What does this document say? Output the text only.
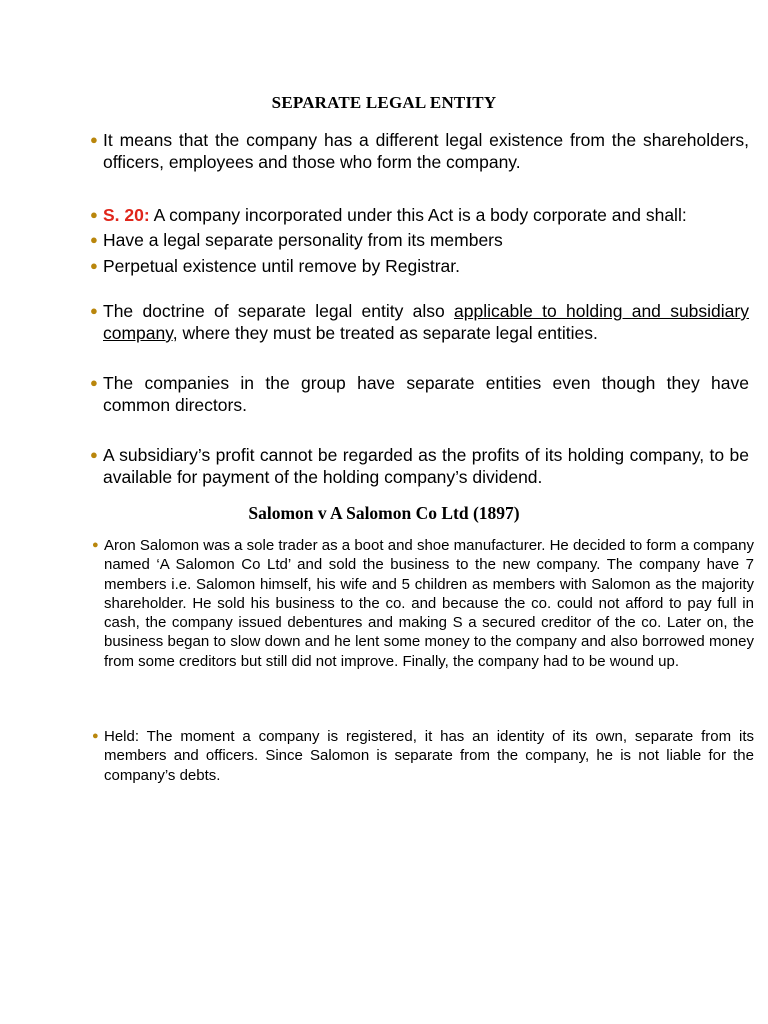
SEPARATE LEGAL ENTITY
● It means that the company has a different legal existence from the shareholders, officers, employees and those who form the company.
● S. 20: A company incorporated under this Act is a body corporate and shall:
● Have a legal separate personality from its members
● Perpetual existence until remove by Registrar.
● The doctrine of separate legal entity also applicable to holding and subsidiary company, where they must be treated as separate legal entities.
● The companies in the group have separate entities even though they have common directors.
● A subsidiary’s profit cannot be regarded as the profits of its holding company, to be available for payment of the holding company’s dividend.
Salomon v A Salomon Co Ltd (1897)
● Aron Salomon was a sole trader as a boot and shoe manufacturer. He decided to form a company named ‘A Salomon Co Ltd’ and sold the business to the new company. The company have 7 members i.e. Salomon himself, his wife and 5 children as members with Salomon as the majority shareholder. He sold his business to the co. and because the co. could not afford to pay full in cash, the company issued debentures and making S a secured creditor of the co. Later on, the business began to slow down and he lent some money to the company and also borrowed money from some creditors but still did not improve. Finally, the company had to be wound up.
● Held: The moment a company is registered, it has an identity of its own, separate from its members and officers. Since Salomon is separate from the company, he is not liable for the company’s debts.
